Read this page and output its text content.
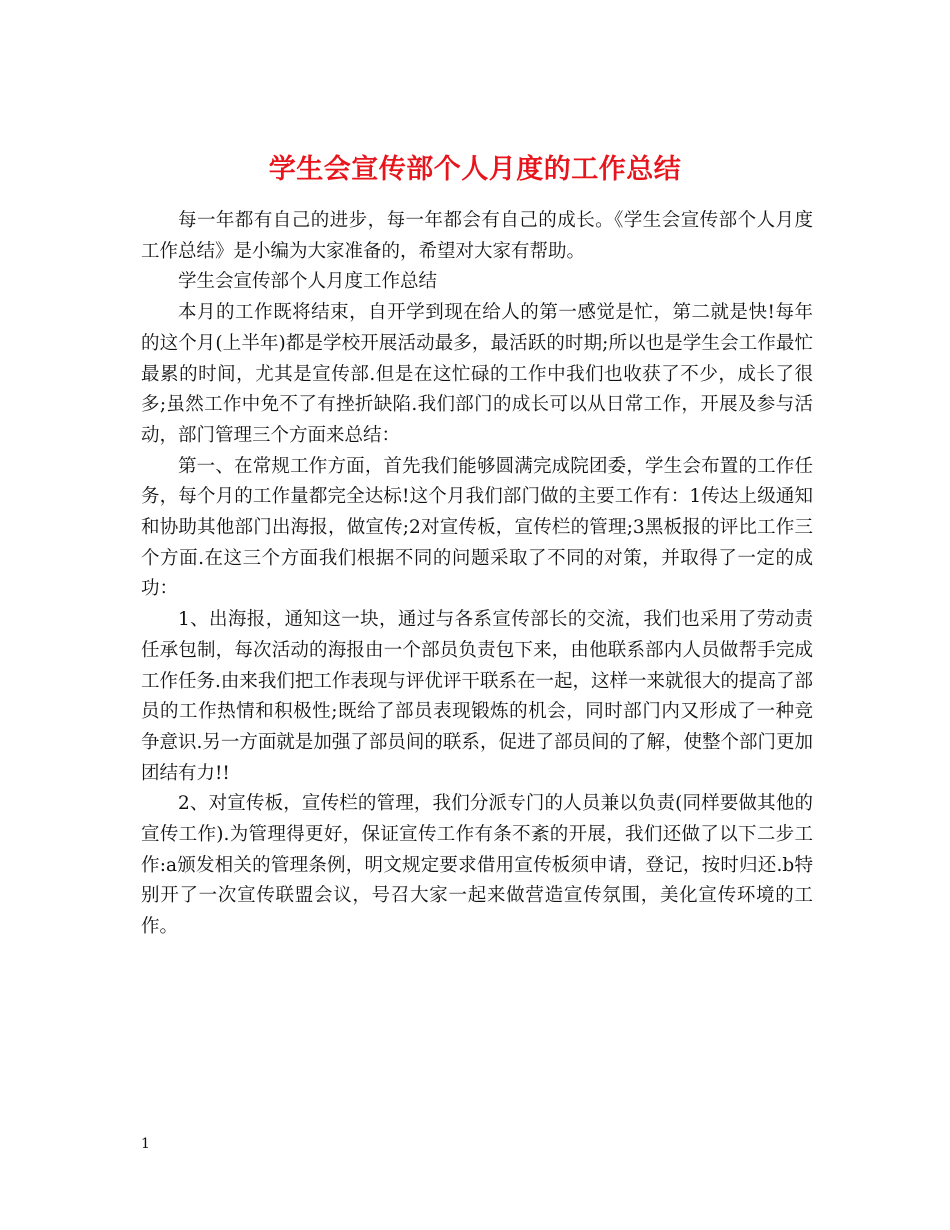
学生会宣传部个人月度的工作总结

每一年都有自己的进步，每一年都会有自己的成长。《学生会宣传部个人月度工作总结》是小编为大家准备的，希望对大家有帮助。

学生会宣传部个人月度工作总结

本月的工作既将结束，自开学到现在给人的第一感觉是忙，第二就是快!每年的这个月(上半年)都是学校开展活动最多，最活跃的时期;所以也是学生会工作最忙最累的时间，尤其是宣传部.但是在这忙碌的工作中我们也收获了不少，成长了很多;虽然工作中免不了有挫折缺陷.我们部门的成长可以从日常工作，开展及参与活动，部门管理三个方面来总结：

第一、在常规工作方面，首先我们能够圆满完成院团委，学生会布置的工作任务，每个月的工作量都完全达标!这个月我们部门做的主要工作有：1传达上级通知和协助其他部门出海报，做宣传;2对宣传板，宣传栏的管理;3黑板报的评比工作三个方面.在这三个方面我们根据不同的问题采取了不同的对策，并取得了一定的成功：

1、出海报，通知这一块，通过与各系宣传部长的交流，我们也采用了劳动责任承包制，每次活动的海报由一个部员负责包下来，由他联系部内人员做帮手完成工作任务.由来我们把工作表现与评优评干联系在一起，这样一来就很大的提高了部员的工作热情和积极性;既给了部员表现锻炼的机会，同时部门内又形成了一种竞争意识.另一方面就是加强了部员间的联系，促进了部员间的了解，使整个部门更加团结有力!!

2、对宣传板，宣传栏的管理，我们分派专门的人员兼以负责(同样要做其他的宣传工作).为管理得更好，保证宣传工作有条不紊的开展，我们还做了以下二步工作:a颁发相关的管理条例，明文规定要求借用宣传板须申请，登记，按时归还.b特别开了一次宣传联盟会议，号召大家一起来做营造宣传氛围，美化宣传环境的工作。

1
